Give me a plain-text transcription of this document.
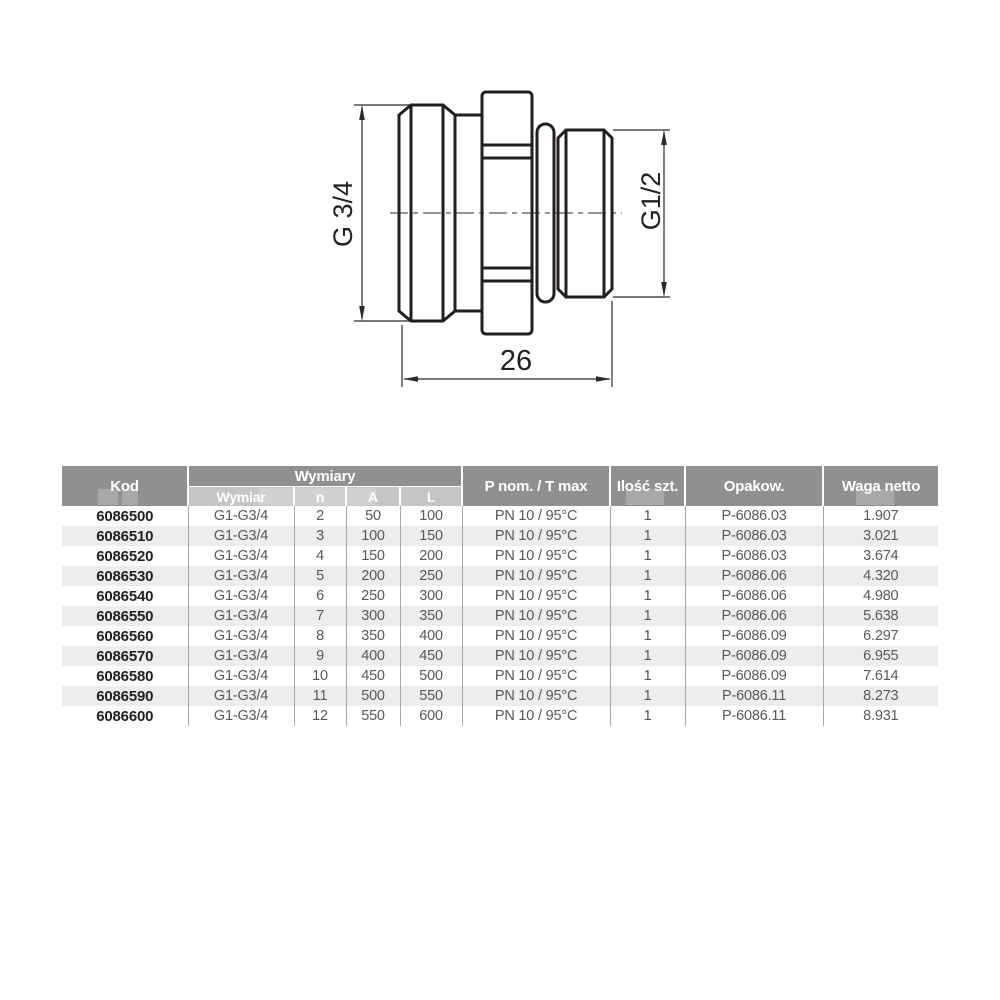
G 3/4	G1/2
26
Kod	Wymiary				P nom. / T max	Ilość szt.	Opakow.	Waga netto
	Wymiar	n	A	L				
6086500	G1-G3/4	2	50	100	PN 10 / 95°C	1	P-6086.03	1.907
6086510	G1-G3/4	3	100	150	PN 10 / 95°C	1	P-6086.03	3.021
6086520	G1-G3/4	4	150	200	PN 10 / 95°C	1	P-6086.03	3.674
6086530	G1-G3/4	5	200	250	PN 10 / 95°C	1	P-6086.06	4.320
6086540	G1-G3/4	6	250	300	PN 10 / 95°C	1	P-6086.06	4.980
6086550	G1-G3/4	7	300	350	PN 10 / 95°C	1	P-6086.06	5.638
6086560	G1-G3/4	8	350	400	PN 10 / 95°C	1	P-6086.09	6.297
6086570	G1-G3/4	9	400	450	PN 10 / 95°C	1	P-6086.09	6.955
6086580	G1-G3/4	10	450	500	PN 10 / 95°C	1	P-6086.09	7.614
6086590	G1-G3/4	11	500	550	PN 10 / 95°C	1	P-6086.11	8.273
6086600	G1-G3/4	12	550	600	PN 10 / 95°C	1	P-6086.11	8.931
